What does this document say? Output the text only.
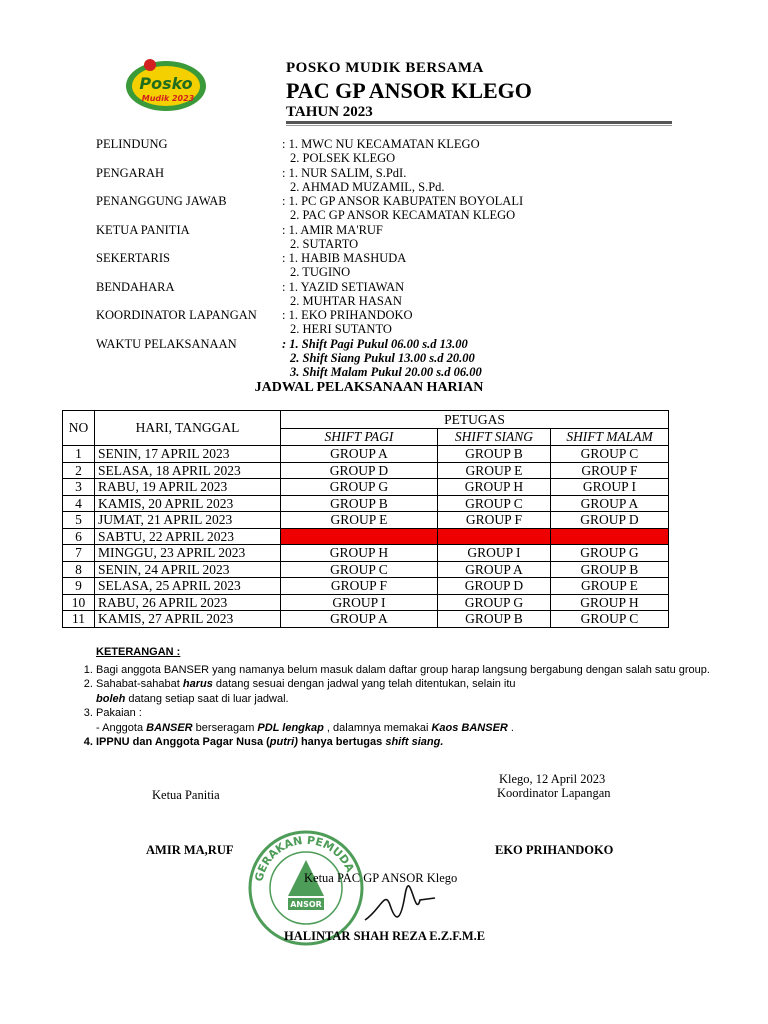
Posko
Mudik 2023
POSKO MUDIK BERSAMA
PAC GP ANSOR KLEGO
TAHUN 2023
PELINDUNG	: 1. MWC NU KECAMATAN KLEGO
2. POLSEK KLEGO
PENGARAH	: 1. NUR SALIM, S.PdI.
2. AHMAD MUZAMIL, S.Pd.
PENANGGUNG JAWAB	: 1. PC GP ANSOR KABUPATEN BOYOLALI
2. PAC GP ANSOR KECAMATAN KLEGO
KETUA PANITIA	: 1. AMIR MA'RUF
2. SUTARTO
SEKERTARIS	: 1. HABIB MASHUDA
2. TUGINO
BENDAHARA	: 1. YAZID SETIAWAN
2. MUHTAR HASAN
KOORDINATOR LAPANGAN	: 1. EKO PRIHANDOKO
2. HERI SUTANTO
WAKTU PELAKSANAAN	: 1. Shift Pagi Pukul 06.00 s.d 13.00
2. Shift Siang Pukul 13.00 s.d 20.00
3. Shift Malam Pukul 20.00 s.d 06.00
JADWAL PELAKSANAAN HARIAN
NO	HARI, TANGGAL	PETUGAS		
		SHIFT PAGI	SHIFT SIANG	SHIFT MALAM
1	SENIN, 17 APRIL 2023	GROUP A	GROUP B	GROUP C
2	SELASA, 18 APRIL 2023	GROUP D	GROUP E	GROUP F
3	RABU, 19 APRIL 2023	GROUP G	GROUP H	GROUP I
4	KAMIS, 20 APRIL 2023	GROUP B	GROUP C	GROUP A
5	JUMAT, 21 APRIL 2023	GROUP E	GROUP F	GROUP D
6	SABTU, 22 APRIL 2023			
7	MINGGU, 23 APRIL 2023	GROUP H	GROUP I	GROUP G
8	SENIN, 24 APRIL 2023	GROUP C	GROUP A	GROUP B
9	SELASA, 25 APRIL 2023	GROUP F	GROUP D	GROUP E
10	RABU, 26 APRIL 2023	GROUP I	GROUP G	GROUP H
11	KAMIS, 27 APRIL 2023	GROUP A	GROUP B	GROUP C
KETERANGAN :
1. Bagi anggota BANSER yang namanya belum masuk dalam daftar group harap langsung bergabung dengan salah satu group.
2. Sahabat-sahabat harus datang sesuai dengan jadwal yang telah ditentukan, selain itu
boleh datang setiap saat di luar jadwal.
3. Pakaian :
- Anggota BANSER berseragam PDL lengkap , dalamnya memakai Kaos BANSER .
4. IPPNU dan Anggota Pagar Nusa (putri) hanya bertugas shift siang.
Klego, 12 April 2023
Ketua Panitia	Koordinator Lapangan
AMIR MA,RUF	EKO PRIHANDOKO
GERAKAN PEMUDA
ANSOR
Ketua PAC GP ANSOR Klego
HALINTAR SHAH REZA E.Z.F.M.E
